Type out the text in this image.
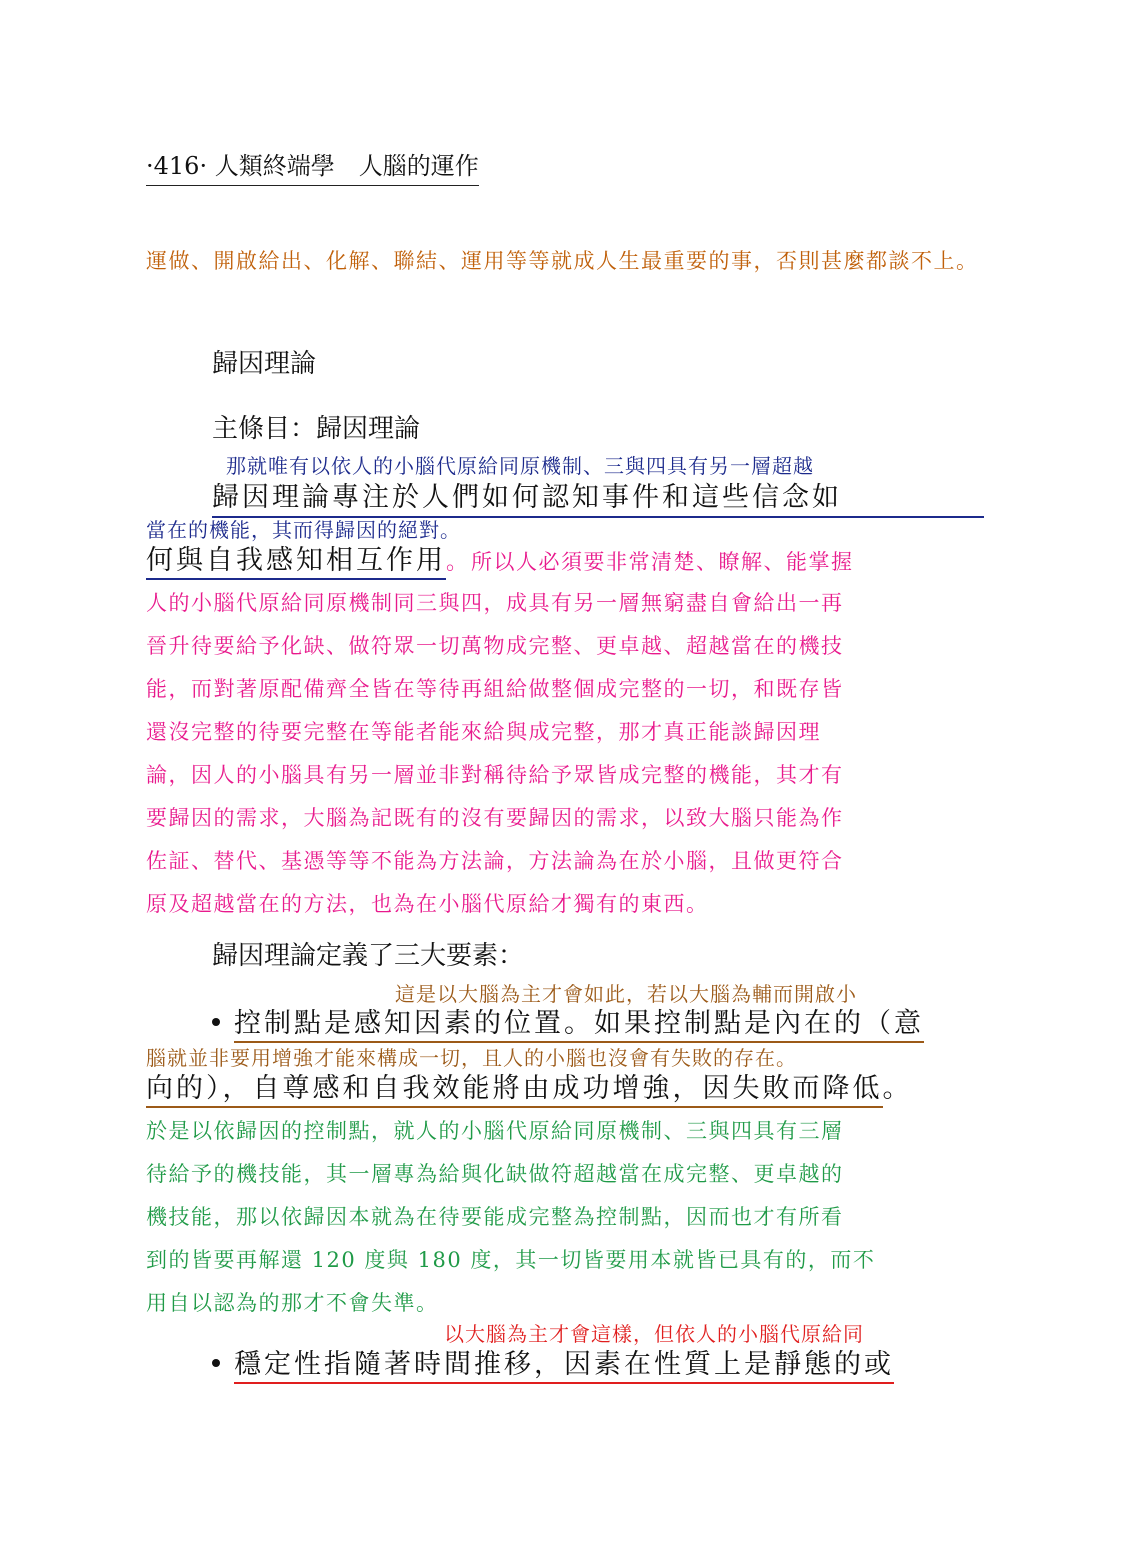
·416· 人類終端學　人腦的運作
運做、開啟給出、化解、聯結、運用等等就成人生最重要的事，否則甚麼都談不上。
歸因理論
主條目：歸因理論
那就唯有以依人的小腦代原給同原機制、三與四具有另一層超越
歸因理論專注於人們如何認知事件和這些信念如
當在的機能，其而得歸因的絕對。
何與自我感知相互作用。所以人必須要非常清楚、瞭解、能掌握
人的小腦代原給同原機制同三與四，成具有另一層無窮盡自會給出一再
晉升待要給予化缺、做符眾一切萬物成完整、更卓越、超越當在的機技
能，而對著原配備齊全皆在等待再組給做整個成完整的一切，和既存皆
還沒完整的待要完整在等能者能來給與成完整，那才真正能談歸因理
論，因人的小腦具有另一層並非對稱待給予眾皆成完整的機能，其才有
要歸因的需求，大腦為記既有的沒有要歸因的需求，以致大腦只能為作
佐証、替代、基憑等等不能為方法論，方法論為在於小腦，且做更符合
原及超越當在的方法，也為在小腦代原給才獨有的東西。
歸因理論定義了三大要素：
這是以大腦為主才會如此，若以大腦為輔而開啟小
控制點是感知因素的位置。如果控制點是內在的（意
腦就並非要用增強才能來構成一切，且人的小腦也沒會有失敗的存在。
向的），自尊感和自我效能將由成功增強，因失敗而降低。
於是以依歸因的控制點，就人的小腦代原給同原機制、三與四具有三層
待給予的機技能，其一層專為給與化缺做符超越當在成完整、更卓越的
機技能，那以依歸因本就為在待要能成完整為控制點，因而也才有所看
到的皆要再解還 120 度與 180 度，其一切皆要用本就皆已具有的，而不
用自以認為的那才不會失準。
以大腦為主才會這樣，但依人的小腦代原給同
穩定性指隨著時間推移，因素在性質上是靜態的或
